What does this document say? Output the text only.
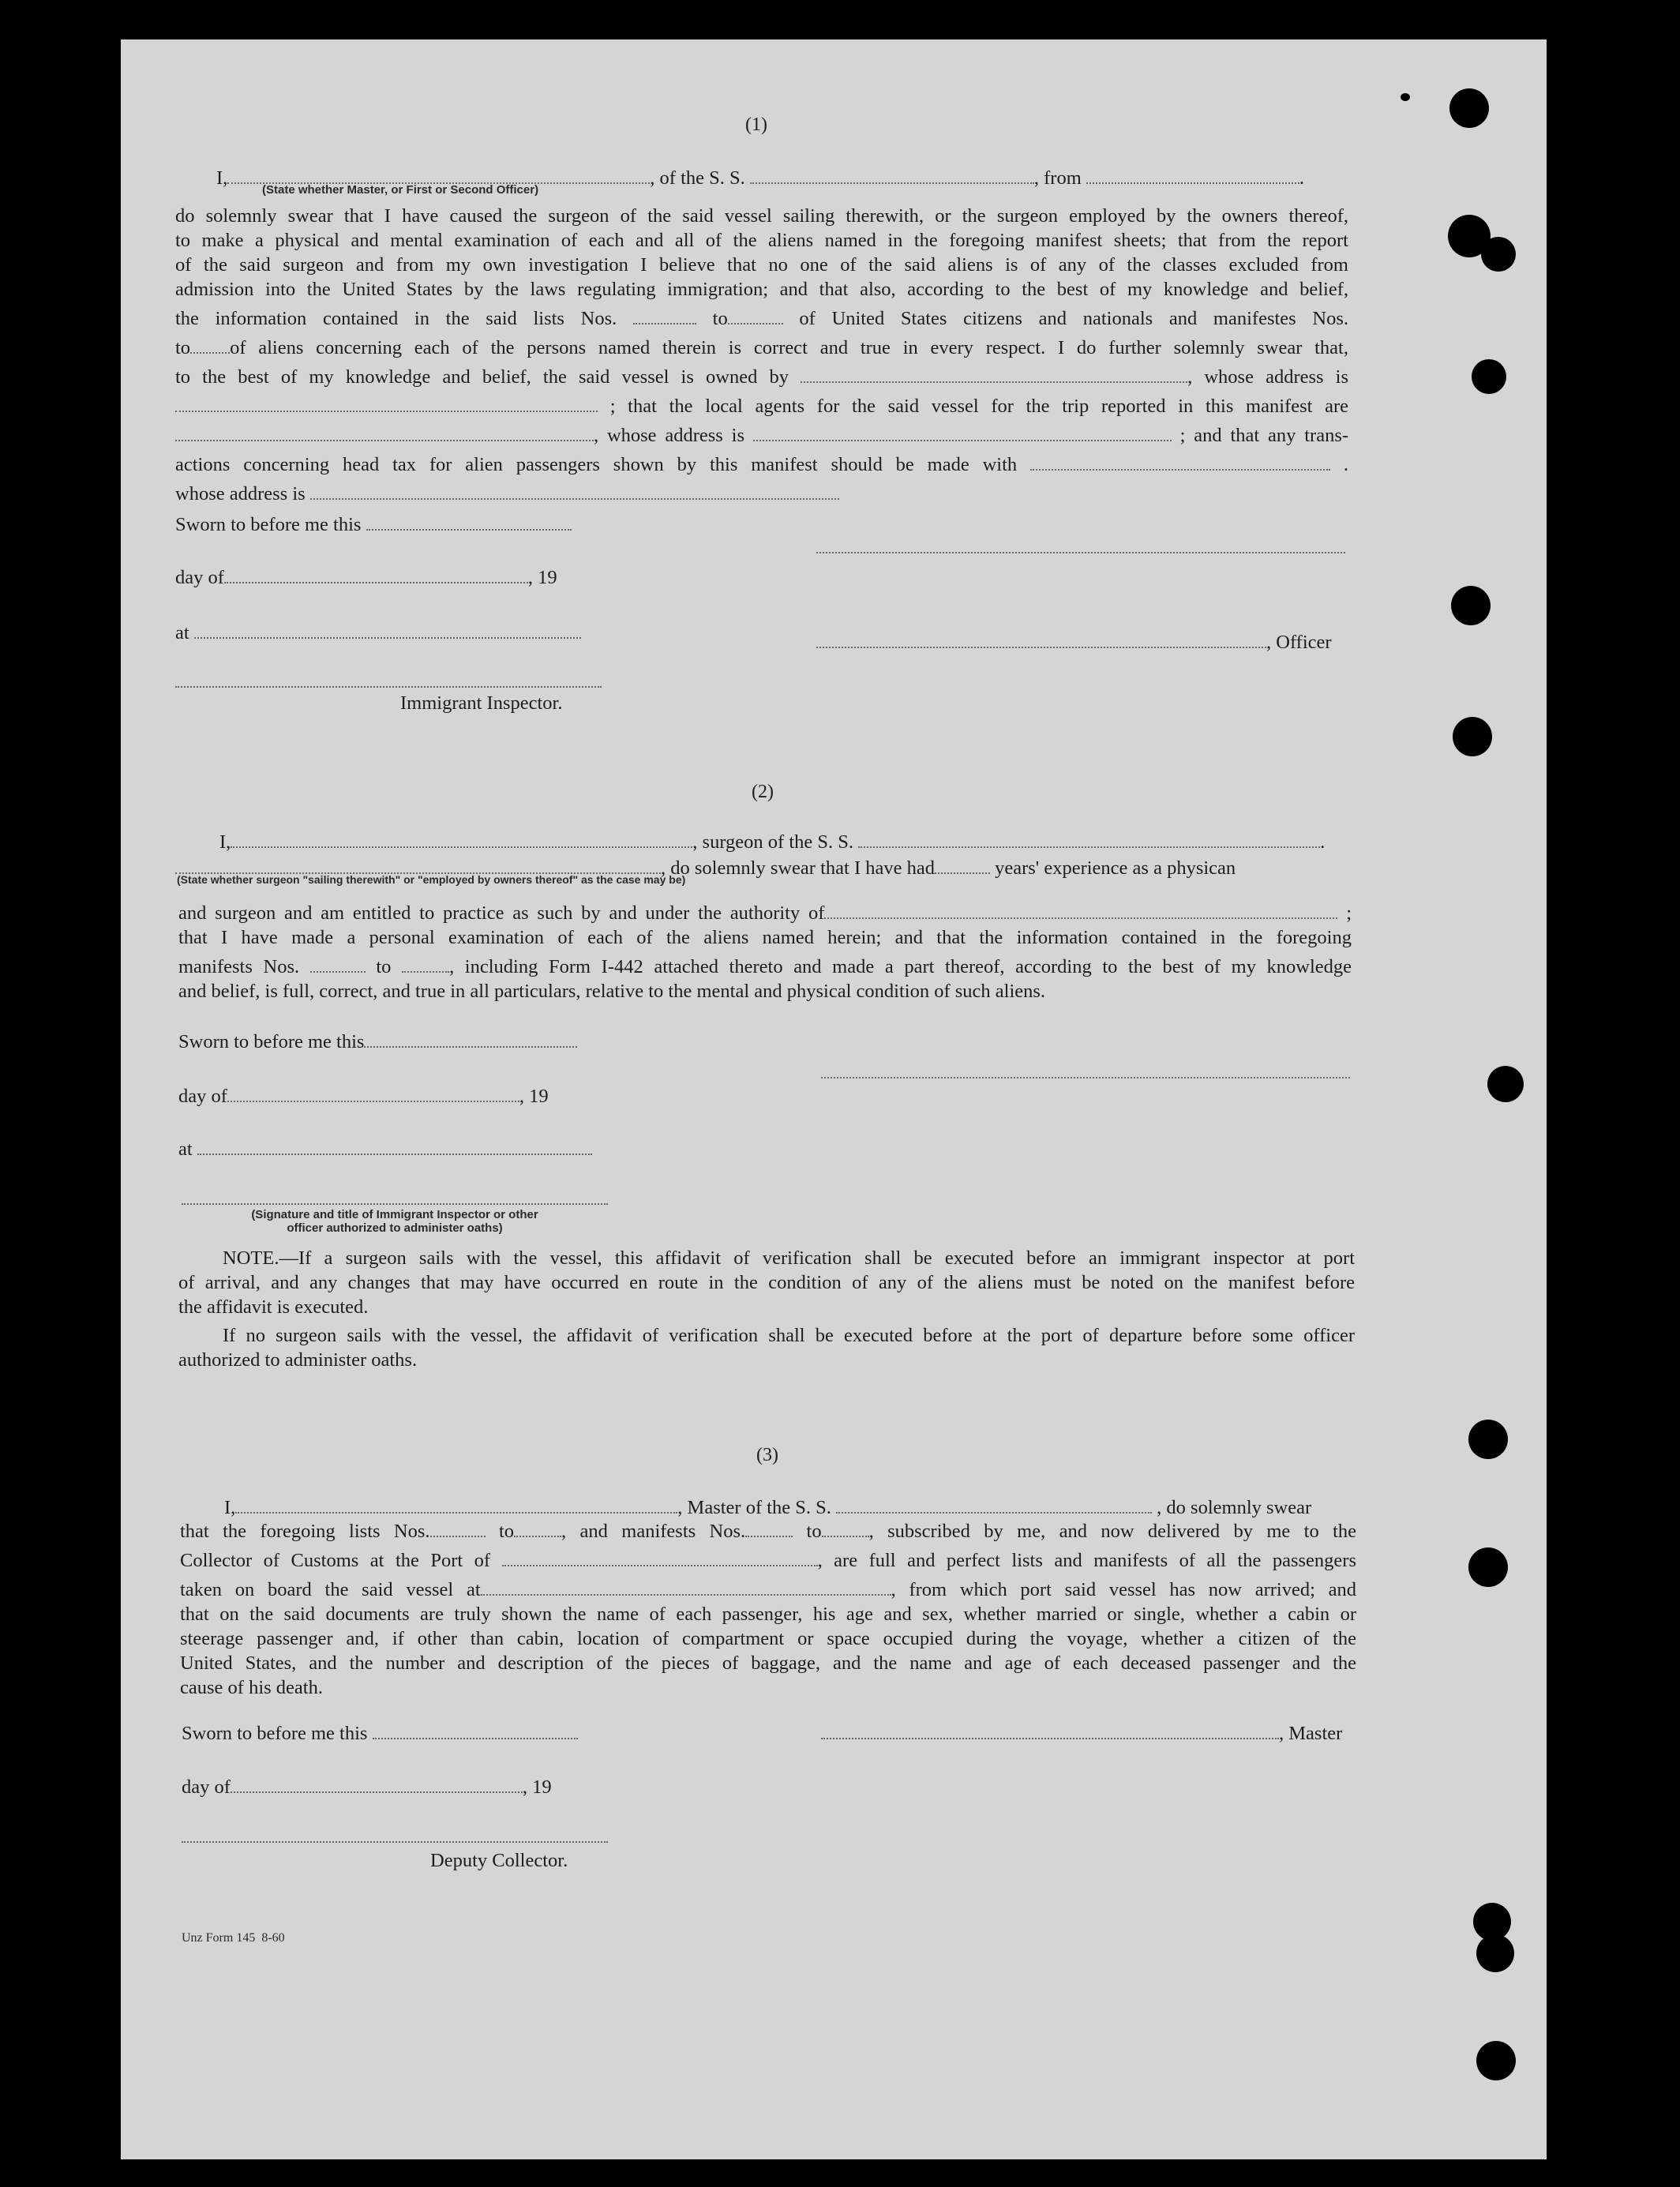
(1)
I,	, of the S. S.	, from	.
(State whether Master, or First or Second Officer)
do solemnly swear that I have caused the surgeon of the said vessel sailing therewith, or the surgeon employed by the owners thereof,
to make a physical and mental examination of each and all of the aliens named in the foregoing manifest sheets; that from the report
of the said surgeon and from my own investigation I believe that no one of the said aliens is of any of the classes excluded from
admission into the United States by the laws regulating immigration; and that also, according to the best of my knowledge and belief,
the information contained in the said lists Nos.	to	of United States citizens and nationals and manifestes Nos.
to of aliens concerning each of the persons named therein is correct and true in every respect. I do further solemnly swear that,
to the best of my knowledge and belief, the said vessel is owned by	, whose address is
; that the local agents for the said vessel for the trip reported in this manifest are
, whose address is	; and that any trans-
actions concerning head tax for alien passengers shown by this manifest should be made with	.
whose address is
Sworn to before me this
day of	, 19
at	, Officer
Immigrant Inspector.
(2)
I,	, surgeon of the S. S.	.
, do solemnly swear that I have had	years' experience as a physican
(State whether surgeon "sailing therewith" or "employed by owners thereof" as the case may be)
and surgeon and am entitled to practice as such by and under the authority of	;
that I have made a personal examination of each of the aliens named herein; and that the information contained in the foregoing
manifests Nos.	to	, including Form I-442 attached thereto and made a part thereof, according to the best of my knowledge
and belief, is full, correct, and true in all particulars, relative to the mental and physical condition of such aliens.
Sworn to before me this
day of	, 19
at
(Signature and title of Immigrant Inspector or other
officer authorized to administer oaths)
NOTE.—If a surgeon sails with the vessel, this affidavit of verification shall be executed before an immigrant inspector at port
of arrival, and any changes that may have occurred en route in the condition of any of the aliens must be noted on the manifest before
the affidavit is executed.
If no surgeon sails with the vessel, the affidavit of verification shall be executed before at the port of departure before some officer
authorized to administer oaths.
(3)
I,	, Master of the S. S.	, do solemnly swear
that the foregoing lists Nos.	to , and manifests Nos.	to , subscribed by me, and now delivered by me to the
Collector of Customs at the Port of	, are full and perfect lists and manifests of all the passengers
taken on board the said vessel at	, from which port said vessel has now arrived; and
that on the said documents are truly shown the name of each passenger, his age and sex, whether married or single, whether a cabin or
steerage passenger and, if other than cabin, location of compartment or space occupied during the voyage, whether a citizen of the
United States, and the number and description of the pieces of baggage, and the name and age of each deceased passenger and the
cause of his death.
Sworn to before me this	, Master
day of	, 19
Deputy Collector.
Unz Form 145  8-60
